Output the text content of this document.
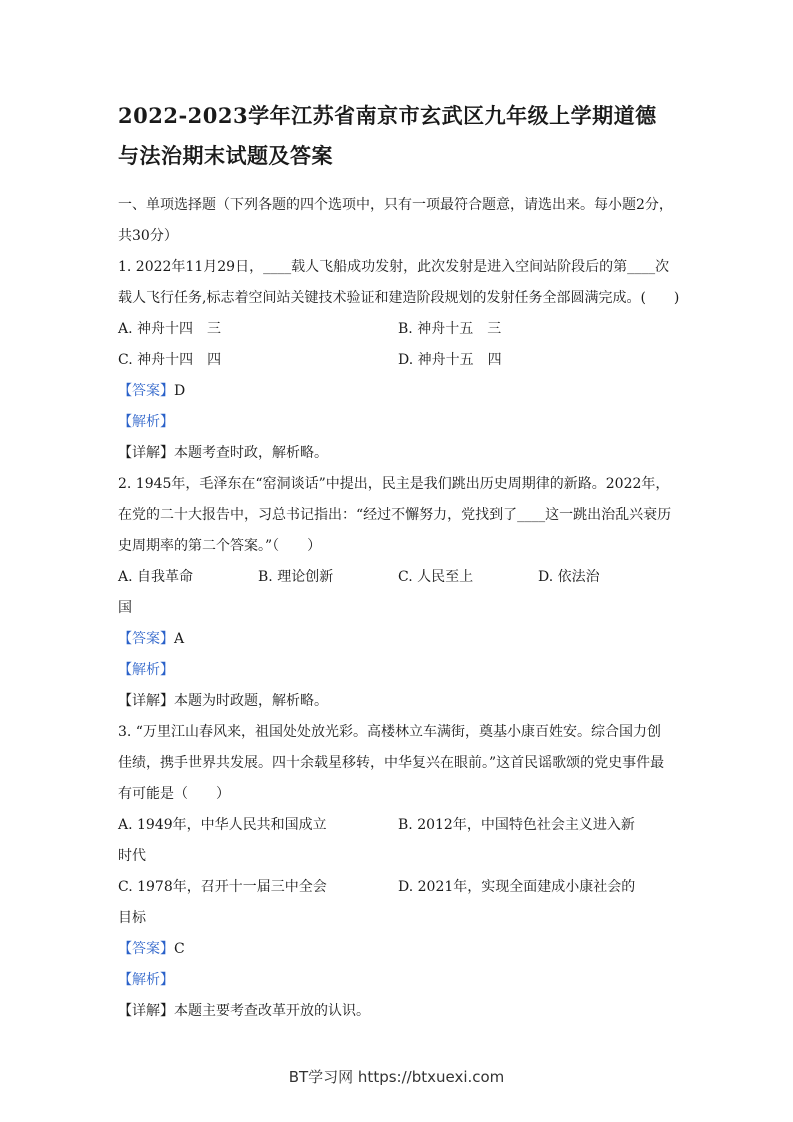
2022-2023学年江苏省南京市玄武区九年级上学期道德与法治期末试题及答案
一、单项选择题（下列各题的四个选项中，只有一项最符合题意，请选出来。每小题2分，
共30分）
1. 2022年11月29日，____载人飞船成功发射，此次发射是进入空间站阶段后的第____次
载人飞行任务,标志着空间站关键技术验证和建造阶段规划的发射任务全部圆满完成。(　　)
A. 神舟十四　三	B. 神舟十五　三
C. 神舟十四　四	D. 神舟十五　四
【答案】D
【解析】
【详解】本题考查时政，解析略。
2. 1945年，毛泽东在“窑洞谈话”中提出，民主是我们跳出历史周期律的新路。2022年，
在党的二十大报告中，习总书记指出：“经过不懈努力，党找到了____这一跳出治乱兴衰历
史周期率的第二个答案。”（　　）
A. 自我革命	B. 理论创新	C. 人民至上	D. 依法治
国
【答案】A
【解析】
【详解】本题为时政题，解析略。
3. “万里江山春风来，祖国处处放光彩。高楼林立车满街，奠基小康百姓安。综合国力创
佳绩，携手世界共发展。四十余载星移转，中华复兴在眼前。”这首民谣歌颂的党史事件最
有可能是（　　）
A. 1949年，中华人民共和国成立	B. 2012年，中国特色社会主义进入新
时代
C. 1978年，召开十一届三中全会	D. 2021年，实现全面建成小康社会的
目标
【答案】C
【解析】
【详解】本题主要考查改革开放的认识。
BT学习网 https://btxuexi.com
